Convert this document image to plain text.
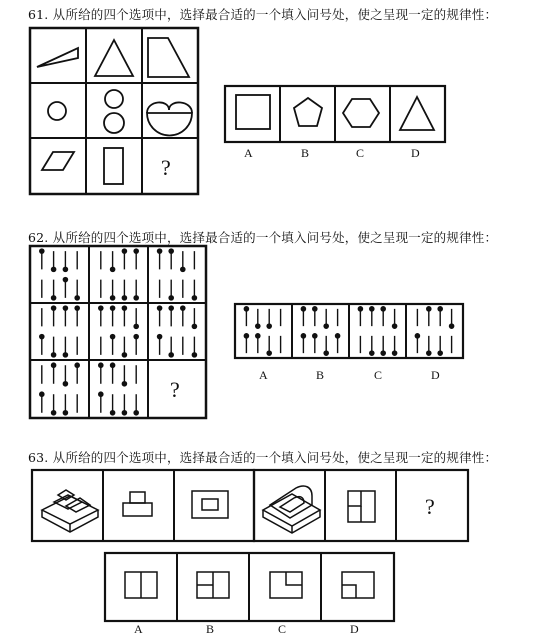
61. 从所给的四个选项中，选择最合适的一个填入问号处，使之呈现一定的规律性：
62. 从所给的四个选项中，选择最合适的一个填入问号处，使之呈现一定的规律性：
63. 从所给的四个选项中，选择最合适的一个填入问号处，使之呈现一定的规律性：
?
A	B	C	D
?
A	B	C	D
?
A	B	C	D
